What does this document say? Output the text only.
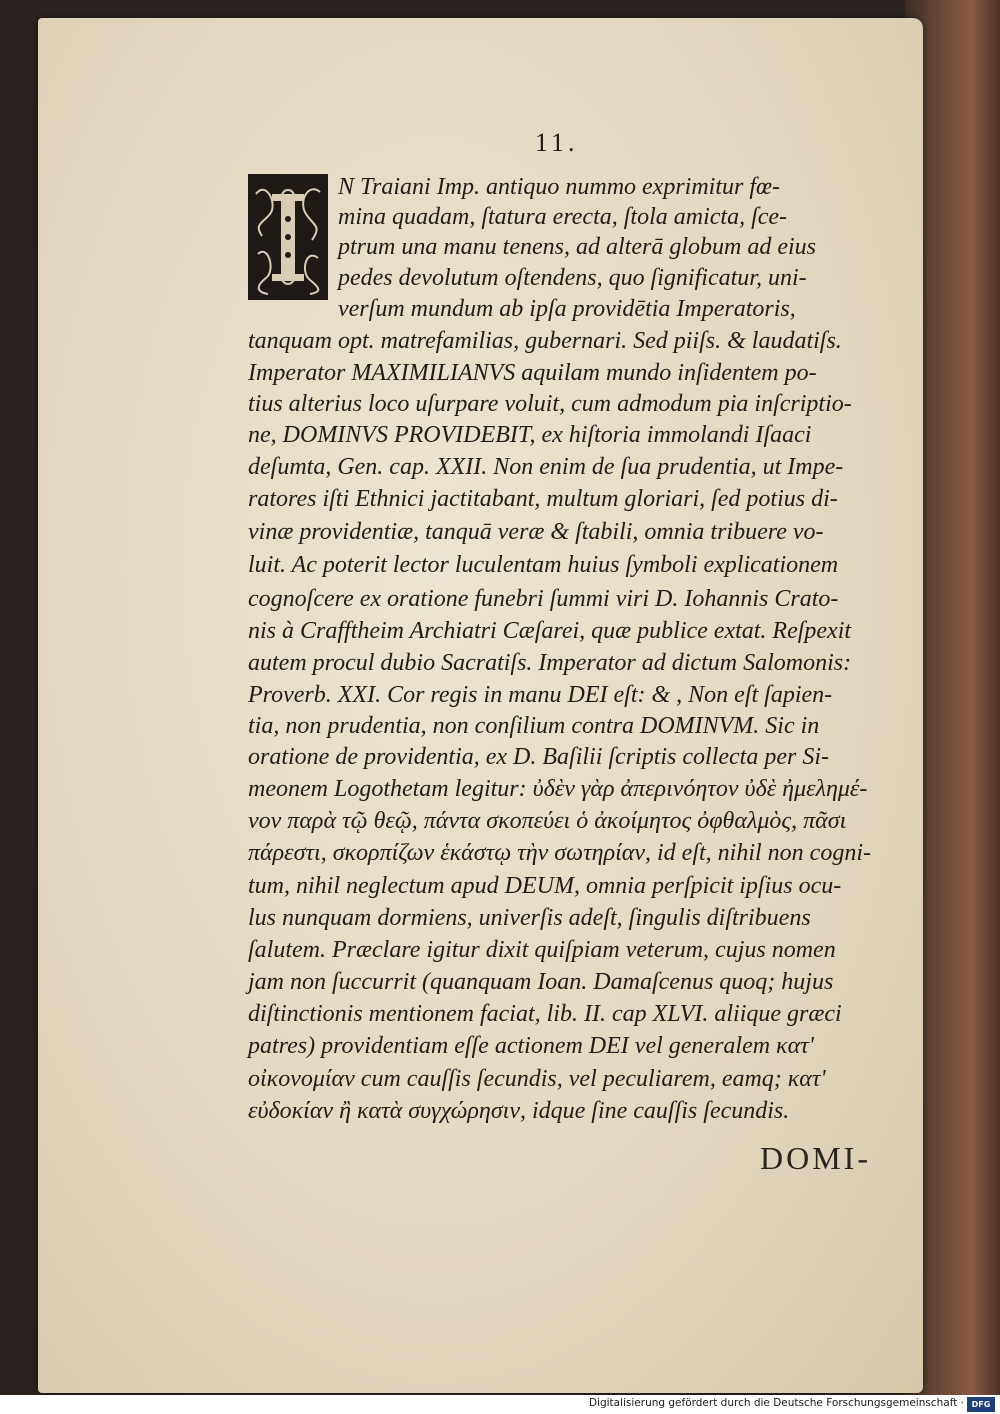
11.
N Traiani Imp. antiquo nummo exprimitur fœ-
mina quadam, ſtatura erecta, ſtola amicta, ſce-
ptrum una manu tenens, ad alterā globum ad eius
pedes devolutum oſtendens, quo ſignificatur, uni-
verſum mundum ab ipſa providētia Imperatoris,
tanquam opt. matrefamilias, gubernari. Sed piiſs. & laudatiſs.
Imperator MAXIMILIANVS aquilam mundo inſidentem po-
tius alterius loco uſurpare voluit, cum admodum pia inſcriptio-
ne, DOMINVS PROVIDEBIT, ex hiſtoria immolandi Iſaaci
deſumta, Gen. cap. XXII. Non enim de ſua prudentia, ut Impe-
ratores iſti Ethnici jactitabant, multum gloriari, ſed potius di-
vinæ providentiæ, tanquā veræ & ſtabili, omnia tribuere vo-
luit. Ac poterit lector luculentam huius ſymboli explicationem
cognoſcere ex oratione funebri ſummi viri D. Iohannis Crato-
nis à Crafftheim Archiatri Cæſarei, quæ publice extat. Reſpexit
autem procul dubio Sacratiſs. Imperator ad dictum Salomonis:
Proverb. XXI. Cor regis in manu DEI eſt: & , Non eſt ſapien-
tia, non prudentia, non conſilium contra DOMINVM. Sic in
oratione de providentia, ex D. Baſilii ſcriptis collecta per Si-
meonem Logothetam legitur: ὐδὲν γὰρ ἀπερινόητον ὐδὲ ἠμελημέ-
νον παρὰ τῷ θεῷ, πάντα σκοπεύει ὁ ἀκοίμητος ὀφθαλμὸς, πᾶσι
πάρεστι, σκορπίζων ἑκάστῳ τὴν σωτηρίαν, id eſt, nihil non cogni-
tum, nihil neglectum apud DEUM, omnia perſpicit ipſius ocu-
lus nunquam dormiens, univerſis adeſt, ſingulis diſtribuens
ſalutem. Præclare igitur dixit quiſpiam veterum, cujus nomen
jam non ſuccurrit (quanquam Ioan. Damaſcenus quoq; hujus
diſtinctionis mentionem faciat, lib. II. cap XLVI. aliique græci
patres) providentiam eſſe actionem DEI vel generalem κατ'
οἰκονομίαν cum cauſſis ſecundis, vel peculiarem, eamq; κατ'
εὐδοκίαν ἢ κατὰ συγχώρησιν, idque ſine cauſſis ſecundis.
DOMI-
Digitalisierung gefördert durch die Deutsche Forschungsgemeinschaft · DFG
